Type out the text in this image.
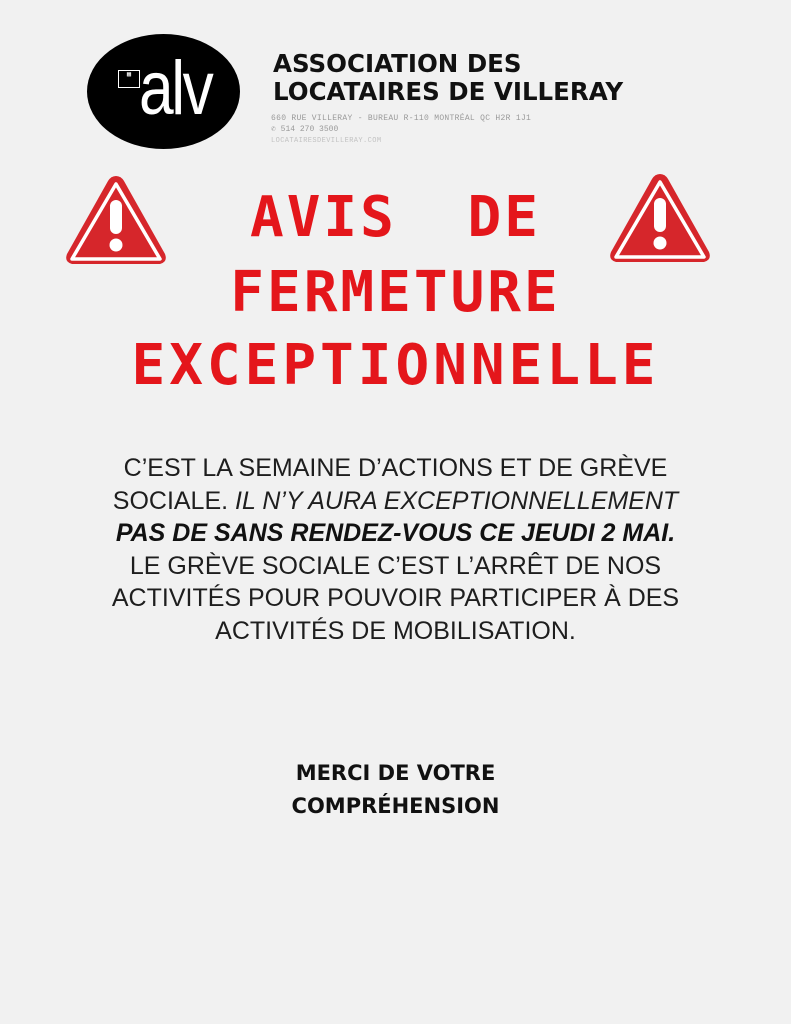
▦ alv ASSOCIATION DES
LOCATAIRES DE VILLERAY
660 RUE VILLERAY - BUREAU R-110 MONTRÉAL QC H2R 1J1
✆ 514 270 3500
LOCATAIRESDEVILLERAY.COM
AVIS DE
FERMETURE
EXCEPTIONNELLE
C’EST LA SEMAINE D’ACTIONS ET DE GRÈVE
SOCIALE. IL N’Y AURA EXCEPTIONNELLEMENT
PAS DE SANS RENDEZ-VOUS CE JEUDI 2 MAI.
LE GRÈVE SOCIALE C’EST L’ARRÊT DE NOS
ACTIVITÉS POUR POUVOIR PARTICIPER À DES
ACTIVITÉS DE MOBILISATION.
MERCI DE VOTRE
COMPRÉHENSION
